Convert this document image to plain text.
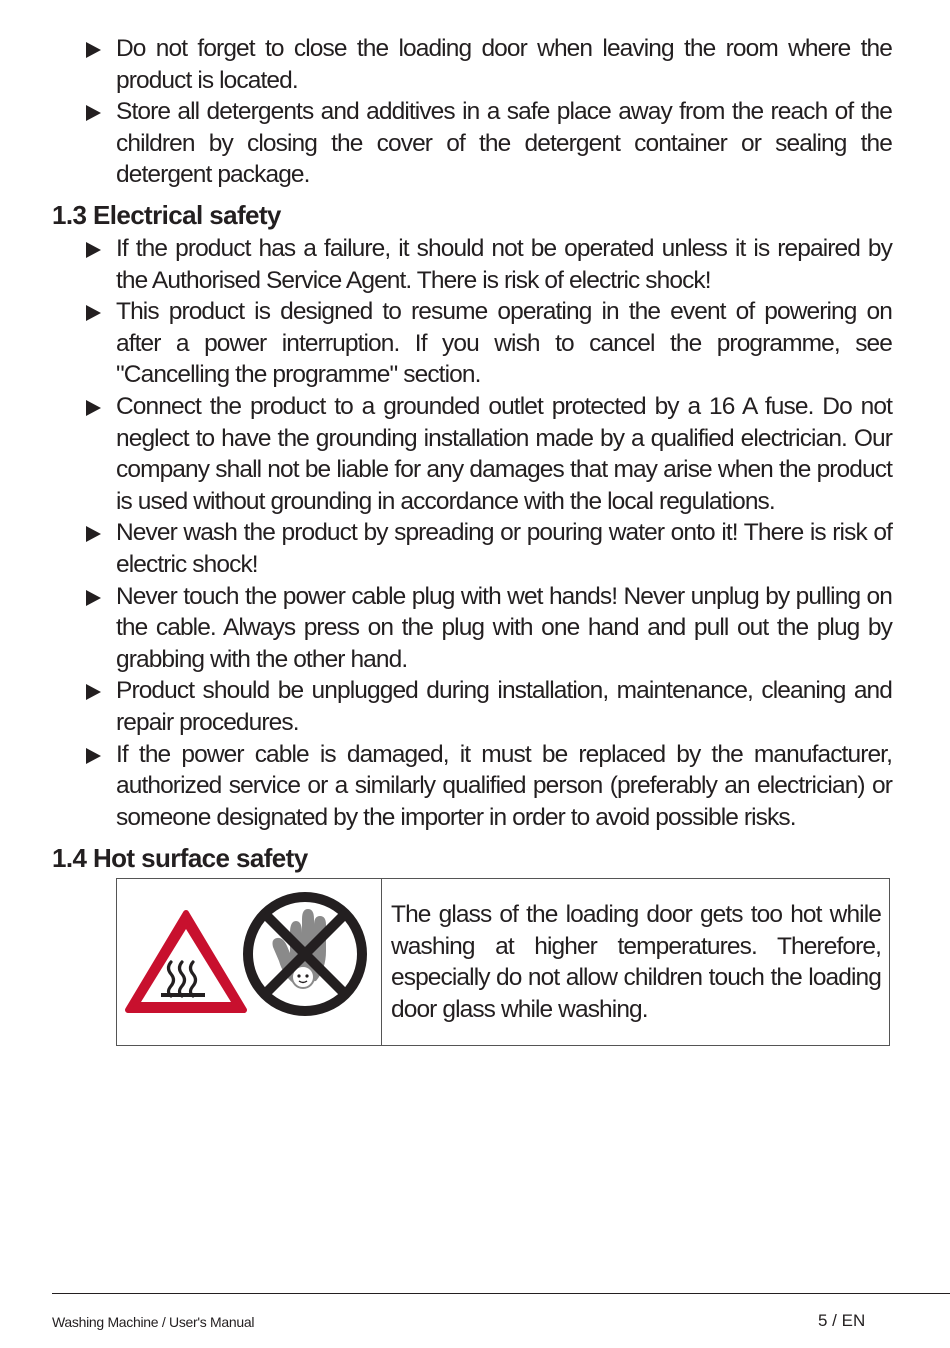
Do not forget to close the loading door when leaving the room where the product is located.
Store all detergents and additives in a safe place away from the reach of the children by closing the cover of the detergent container or sealing the detergent package.
1.3 Electrical safety
If the product has a failure, it should not be operated unless it is repaired by the Authorised Service Agent. There is risk of electric shock!
This product is designed to resume operating in the event of powering on after a power interruption. If you wish to cancel the programme, see "Cancelling the programme" section.
Connect the product to a grounded outlet protected by a 16 A fuse. Do not neglect to have the grounding installation made by a qualified electrician. Our company shall not be liable for any damages that may arise when the product is used without grounding in accordance with the local regulations.
Never wash the product by spreading or pouring water onto it! There is risk of electric shock!
Never touch the power cable plug with wet hands! Never unplug by pulling on the cable. Always press on the plug with one hand and pull out the plug by grabbing with the other hand.
Product should be unplugged during installation, maintenance, cleaning and repair procedures.
If the power cable is damaged, it must be replaced by the manufacturer, authorized service or a similarly qualified person (preferably an electrician) or someone designated by the importer in order to avoid possible risks.
1.4 Hot surface safety
The glass of the loading door gets too hot while washing at higher temperatures. Therefore, especially do not allow children touch the loading door glass while washing.
Washing Machine / User's Manual	5 / EN
